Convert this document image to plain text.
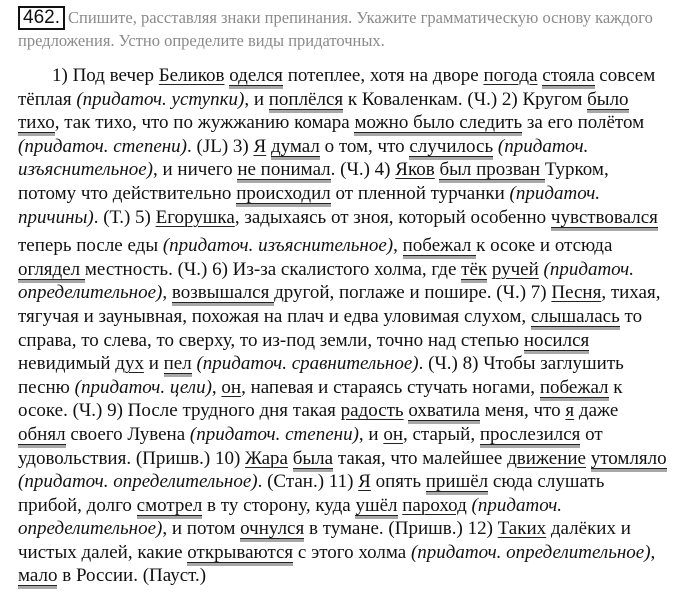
462. Спишите, расставляя знаки препинания. Укажите грамматическую основу каждого предложения. Устно определите виды придаточных.
1) Под вечер Беликов оделся потеплее, хотя на дворе погода стояла совсем
тёплая (придаточ. уступки), и поплёлся к Коваленкам. (Ч.) 2) Кругом было
тихо, так тихо, что по жужжанию комара можно было следить за его полётом
(придаточ. степени). (JL) 3) Я думал о том, что случилось (придаточ.
изъяснительное), и ничего не понимал. (Ч.) 4) Яков был прозван Турком,
потому что действительно происходил от пленной турчанки (придаточ.
причины). (Т.) 5) Егорушка, задыхаясь от зноя, который особенно чувствовался
теперь после еды (придаточ. изъяснительное), побежал к осоке и отсюда
оглядел местность. (Ч.) 6) Из-за скалистого холма, где тёк ручей (придаточ.
определительное), возвышался другой, поглаже и пошире. (Ч.) 7) Песня, тихая,
тягучая и заунывная, похожая на плач и едва уловимая слухом, слышалась то
справа, то слева, то сверху, то из-под земли, точно над степью носился
невидимый дух и пел (придаточ. сравнительное). (Ч.) 8) Чтобы заглушить
песню (придаточ. цели), он, напевая и стараясь стучать ногами, побежал к
осоке. (Ч.) 9) После трудного дня такая радость охватила меня, что я даже
обнял своего Лувена (придаточ. степени), и он, старый, прослезился от
удовольствия. (Пришв.) 10) Жара была такая, что малейшее движение утомляло
(придаточ. определительное). (Стан.) 11) Я опять пришёл сюда слушать
прибой, долго смотрел в ту сторону, куда ушёл пароход (придаточ.
определительное), и потом очнулся в тумане. (Пришв.) 12) Таких далёких и
чистых далей, какие открываются с этого холма (придаточ. определительное),
мало в России. (Пауст.)
